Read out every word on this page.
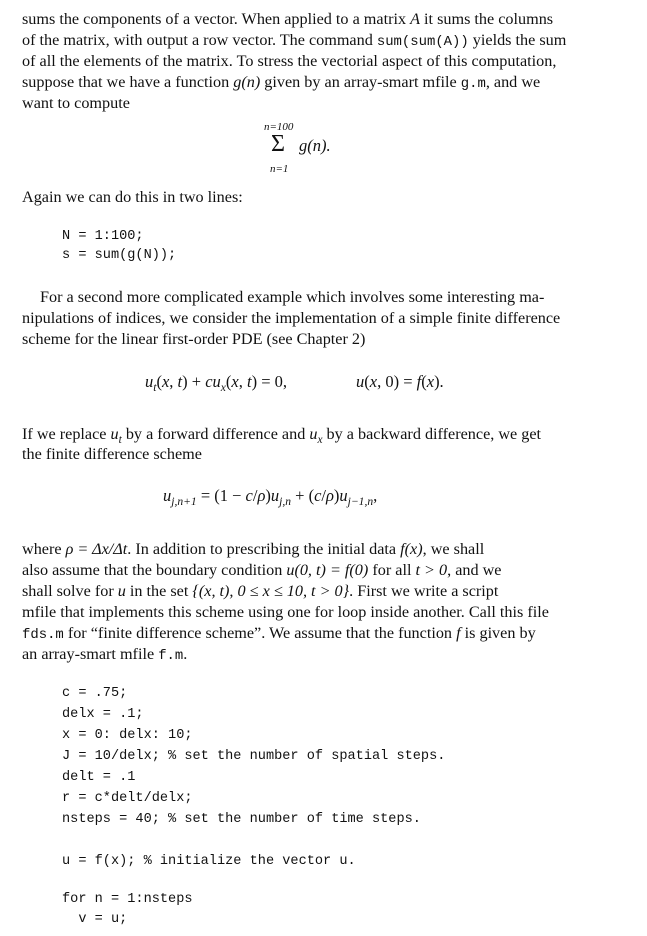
sums the components of a vector. When applied to a matrix A it sums the columns
of the matrix, with output a row vector. The command sum(sum(A)) yields the sum
of all the elements of the matrix. To stress the vectorial aspect of this computation,
suppose that we have a function g(n) given by an array-smart mfile g.m, and we
want to compute
n=100
Σ g(n).
n=1
Again we can do this in two lines:
N = 1:100;
s = sum(g(N));
For a second more complicated example which involves some interesting ma-
nipulations of indices, we consider the implementation of a simple finite difference
scheme for the linear first-order PDE (see Chapter 2)
$u_t(x$, $t) + cu_x(x$, t) = 0,	u(x, 0) = f(x).
If we replace $u_t$ by a forward difference and $u_x$ by a backward difference, we get
the finite difference scheme
$u_{j,n+1} = (1 - c/\rho)u_{j,n} + (c/\rho)u_{j-1,n}$,
where ρ = Δx/Δt. In addition to prescribing the initial data f(x), we shall
also assume that the boundary condition u(0, t) = f(0) for all t > 0, and we
shall solve for u in the set {(x, t), 0 ≤ x ≤ 10, t > 0}. First we write a script
mfile that implements this scheme using one for loop inside another. Call this file
fds.m for “finite difference scheme”. We assume that the function f is given by
an array-smart mfile f.m.
c = .75;
delx = .1;
x = 0: delx: 10;
J = 10/delx; % set the number of spatial steps.
delt = .1
r = c*delt/delx;
nsteps = 40; % set the number of time steps.
u = f(x); % initialize the vector u.
for n = 1:nsteps
v = u;
